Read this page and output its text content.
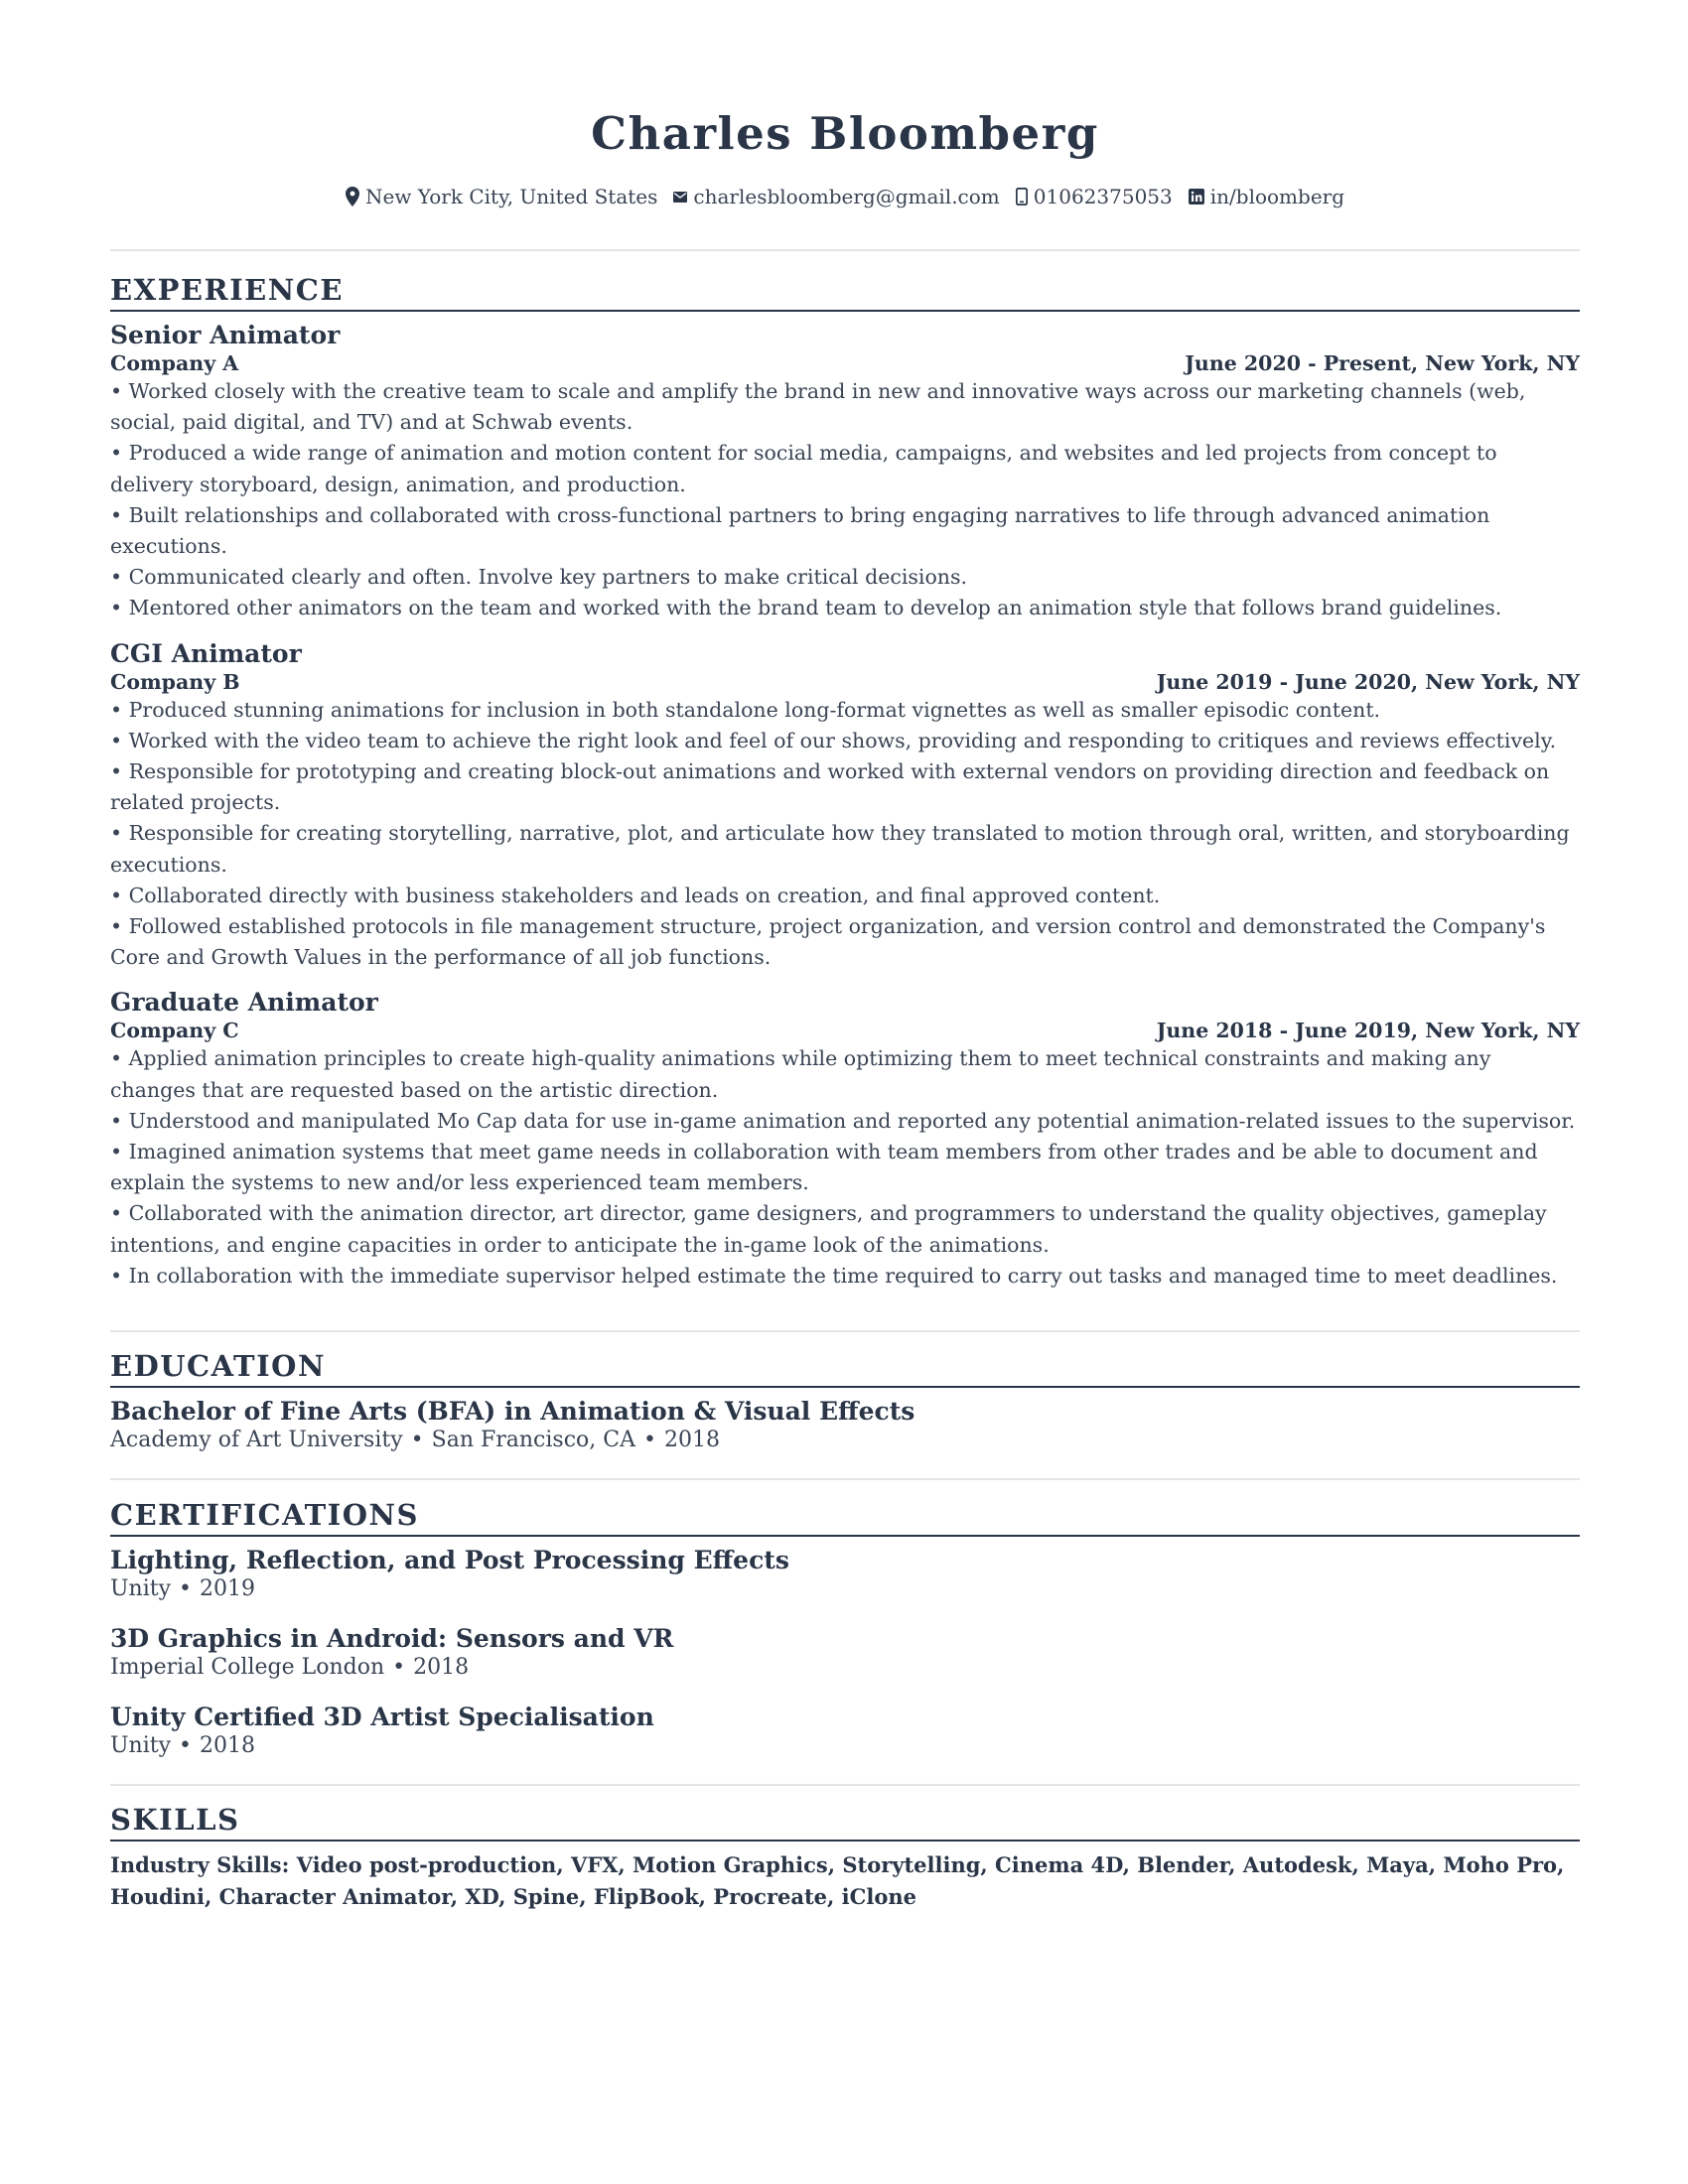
Charles Bloomberg
New York City, United States charlesbloomberg@gmail.com 01062375053 in/bloomberg
EXPERIENCE
Senior Animator
Company A	June 2020 - Present, New York, NY
• Worked closely with the creative team to scale and amplify the brand in new and innovative ways across our marketing channels (web, social, paid digital, and TV) and at Schwab events.
• Produced a wide range of animation and motion content for social media, campaigns, and websites and led projects from concept to delivery storyboard, design, animation, and production.
• Built relationships and collaborated with cross-functional partners to bring engaging narratives to life through advanced animation executions.
• Communicated clearly and often. Involve key partners to make critical decisions.
• Mentored other animators on the team and worked with the brand team to develop an animation style that follows brand guidelines.
CGI Animator
Company B	June 2019 - June 2020, New York, NY
• Produced stunning animations for inclusion in both standalone long-format vignettes as well as smaller episodic content.
• Worked with the video team to achieve the right look and feel of our shows, providing and responding to critiques and reviews effectively.
• Responsible for prototyping and creating block-out animations and worked with external vendors on providing direction and feedback on related projects.
• Responsible for creating storytelling, narrative, plot, and articulate how they translated to motion through oral, written, and storyboarding executions.
• Collaborated directly with business stakeholders and leads on creation, and final approved content.
• Followed established protocols in file management structure, project organization, and version control and demonstrated the Company's Core and Growth Values in the performance of all job functions.
Graduate Animator
Company C	June 2018 - June 2019, New York, NY
• Applied animation principles to create high-quality animations while optimizing them to meet technical constraints and making any changes that are requested based on the artistic direction.
• Understood and manipulated Mo Cap data for use in-game animation and reported any potential animation-related issues to the supervisor.
• Imagined animation systems that meet game needs in collaboration with team members from other trades and be able to document and explain the systems to new and/or less experienced team members.
• Collaborated with the animation director, art director, game designers, and programmers to understand the quality objectives, gameplay intentions, and engine capacities in order to anticipate the in-game look of the animations.
• In collaboration with the immediate supervisor helped estimate the time required to carry out tasks and managed time to meet deadlines.
EDUCATION
Bachelor of Fine Arts (BFA) in Animation & Visual Effects
Academy of Art University • San Francisco, CA • 2018
CERTIFICATIONS
Lighting, Reflection, and Post Processing Effects
Unity • 2019
3D Graphics in Android: Sensors and VR
Imperial College London • 2018
Unity Certified 3D Artist Specialisation
Unity • 2018
SKILLS
Industry Skills: Video post-production, VFX, Motion Graphics, Storytelling, Cinema 4D, Blender, Autodesk, Maya, Moho Pro, Houdini, Character Animator, XD, Spine, FlipBook, Procreate, iClone
